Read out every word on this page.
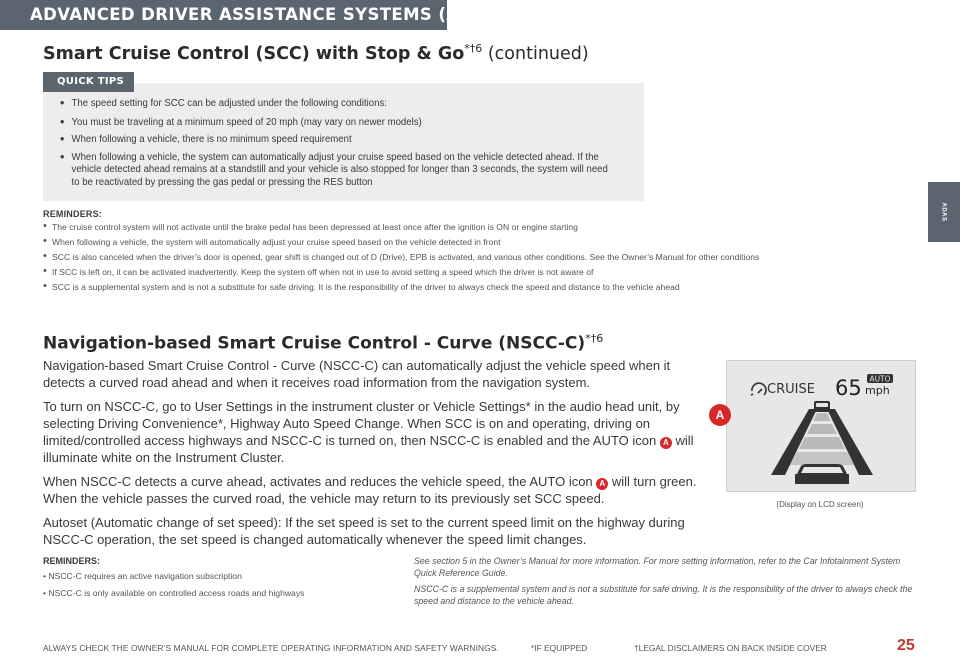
ADVANCED DRIVER ASSISTANCE SYSTEMS (ADAS)
ADAS
Smart Cruise Control (SCC) with Stop & Go$^{*\dagger 6}$ (continued)
QUICK TIPS
• The speed setting for SCC can be adjusted under the following conditions:
• You must be traveling at a minimum speed of 20 mph (may vary on newer models)
• When following a vehicle, there is no minimum speed requirement
• When following a vehicle, the system can automatically adjust your cruise speed based on the vehicle detected ahead. If the vehicle detected ahead remains at a standstill and your vehicle is also stopped for longer than 3 seconds, the system will need to be reactivated by pressing the gas pedal or pressing the RES button
REMINDERS:
• The cruise control system will not activate until the brake pedal has been depressed at least once after the ignition is ON or engine starting
• When following a vehicle, the system will automatically adjust your cruise speed based on the vehicle detected in front
• SCC is also canceled when the driver’s door is opened, gear shift is changed out of D (Drive), EPB is activated, and various other conditions. See the Owner’s Manual for other conditions
• If SCC is left on, it can be activated inadvertently. Keep the system off when not in use to avoid setting a speed which the driver is not aware of
• SCC is a supplemental system and is not a substitute for safe driving. It is the responsibility of the driver to always check the speed and distance to the vehicle ahead
Navigation-based Smart Cruise Control - Curve (NSCC-C)$^{*\dagger 6}$

Navigation-based Smart Cruise Control - Curve (NSCC-C) can automatically adjust the vehicle speed when it detects a curved road ahead and when it receives road information from the navigation system.

To turn on NSCC-C, go to User Settings in the instrument cluster or Vehicle Settings* in the audio head unit, by selecting Driving Convenience*, Highway Auto Speed Change. When SCC is on and operating, driving on limited/controlled access highways and NSCC-C is turned on, then NSCC-C is enabled and the AUTO icon A will illuminate white on the Instrument Cluster.

When NSCC-C detects a curve ahead, activates and reduces the vehicle speed, the AUTO icon A will turn green. When the vehicle passes the curved road, the vehicle may return to its previously set SCC speed.

Autoset (Automatic change of set speed): If the set speed is set to the current speed limit on the highway during NSCC-C operation, the set speed is changed automatically whenever the speed limit changes.

CRUISE 65 AUTO
mph
A
(Display on LCD screen)
REMINDERS:
• NSCC-C requires an active navigation subscription
• NSCC-C is only available on controlled access roads and highways

See section 5 in the Owner’s Manual for more information. For more setting information, refer to the Car Infotainment System Quick Reference Guide.

NSCC-C is a supplemental system and is not a substitute for safe driving. It is the responsibility of the driver to always check the speed and distance to the vehicle ahead.

ALWAYS CHECK THE OWNER’S MANUAL FOR COMPLETE OPERATING INFORMATION AND SAFETY WARNINGS.	*IF EQUIPPED	†LEGAL DISCLAIMERS ON BACK INSIDE COVER	25
